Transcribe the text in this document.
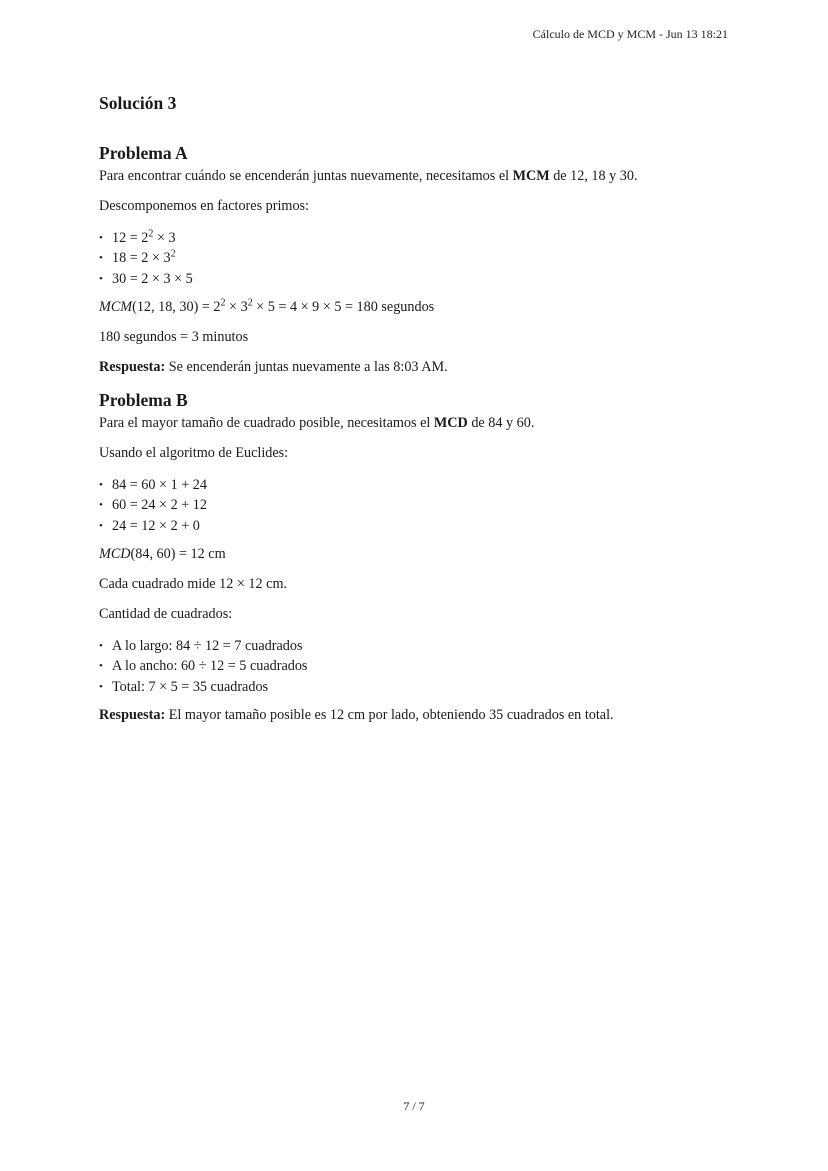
Cálculo de MCD y MCM - Jun 13 18:21
Solución 3
Problema A

Para encontrar cuándo se encenderán juntas nuevamente, necesitamos el MCM de 12, 18 y 30.

Descomponemos en factores primos:

• $12 = 2^2 \times 3$
• $18 = 2 \times 3^2$
• 30 = 2 × 3 × 5

MCM(12, 18, $30) = 2^2 \times 3^2 \times 5 = 4 \times 9 \times 5 = 180$ segundos

180 segundos = 3 minutos

Respuesta: Se encenderán juntas nuevamente a las 8:03 AM.

Problema B

Para el mayor tamaño de cuadrado posible, necesitamos el MCD de 84 y 60.

Usando el algoritmo de Euclides:

• 84 = 60 × 1 + 24
• 60 = 24 × 2 + 12
• 24 = 12 × 2 + 0

MCD(84, 60) = 12 cm

Cada cuadrado mide 12 × 12 cm.

Cantidad de cuadrados:

• A lo largo: 84 ÷ 12 = 7 cuadrados
• A lo ancho: 60 ÷ 12 = 5 cuadrados
• Total: 7 × 5 = 35 cuadrados

Respuesta: El mayor tamaño posible es 12 cm por lado, obteniendo 35 cuadrados en total.

7 / 7
